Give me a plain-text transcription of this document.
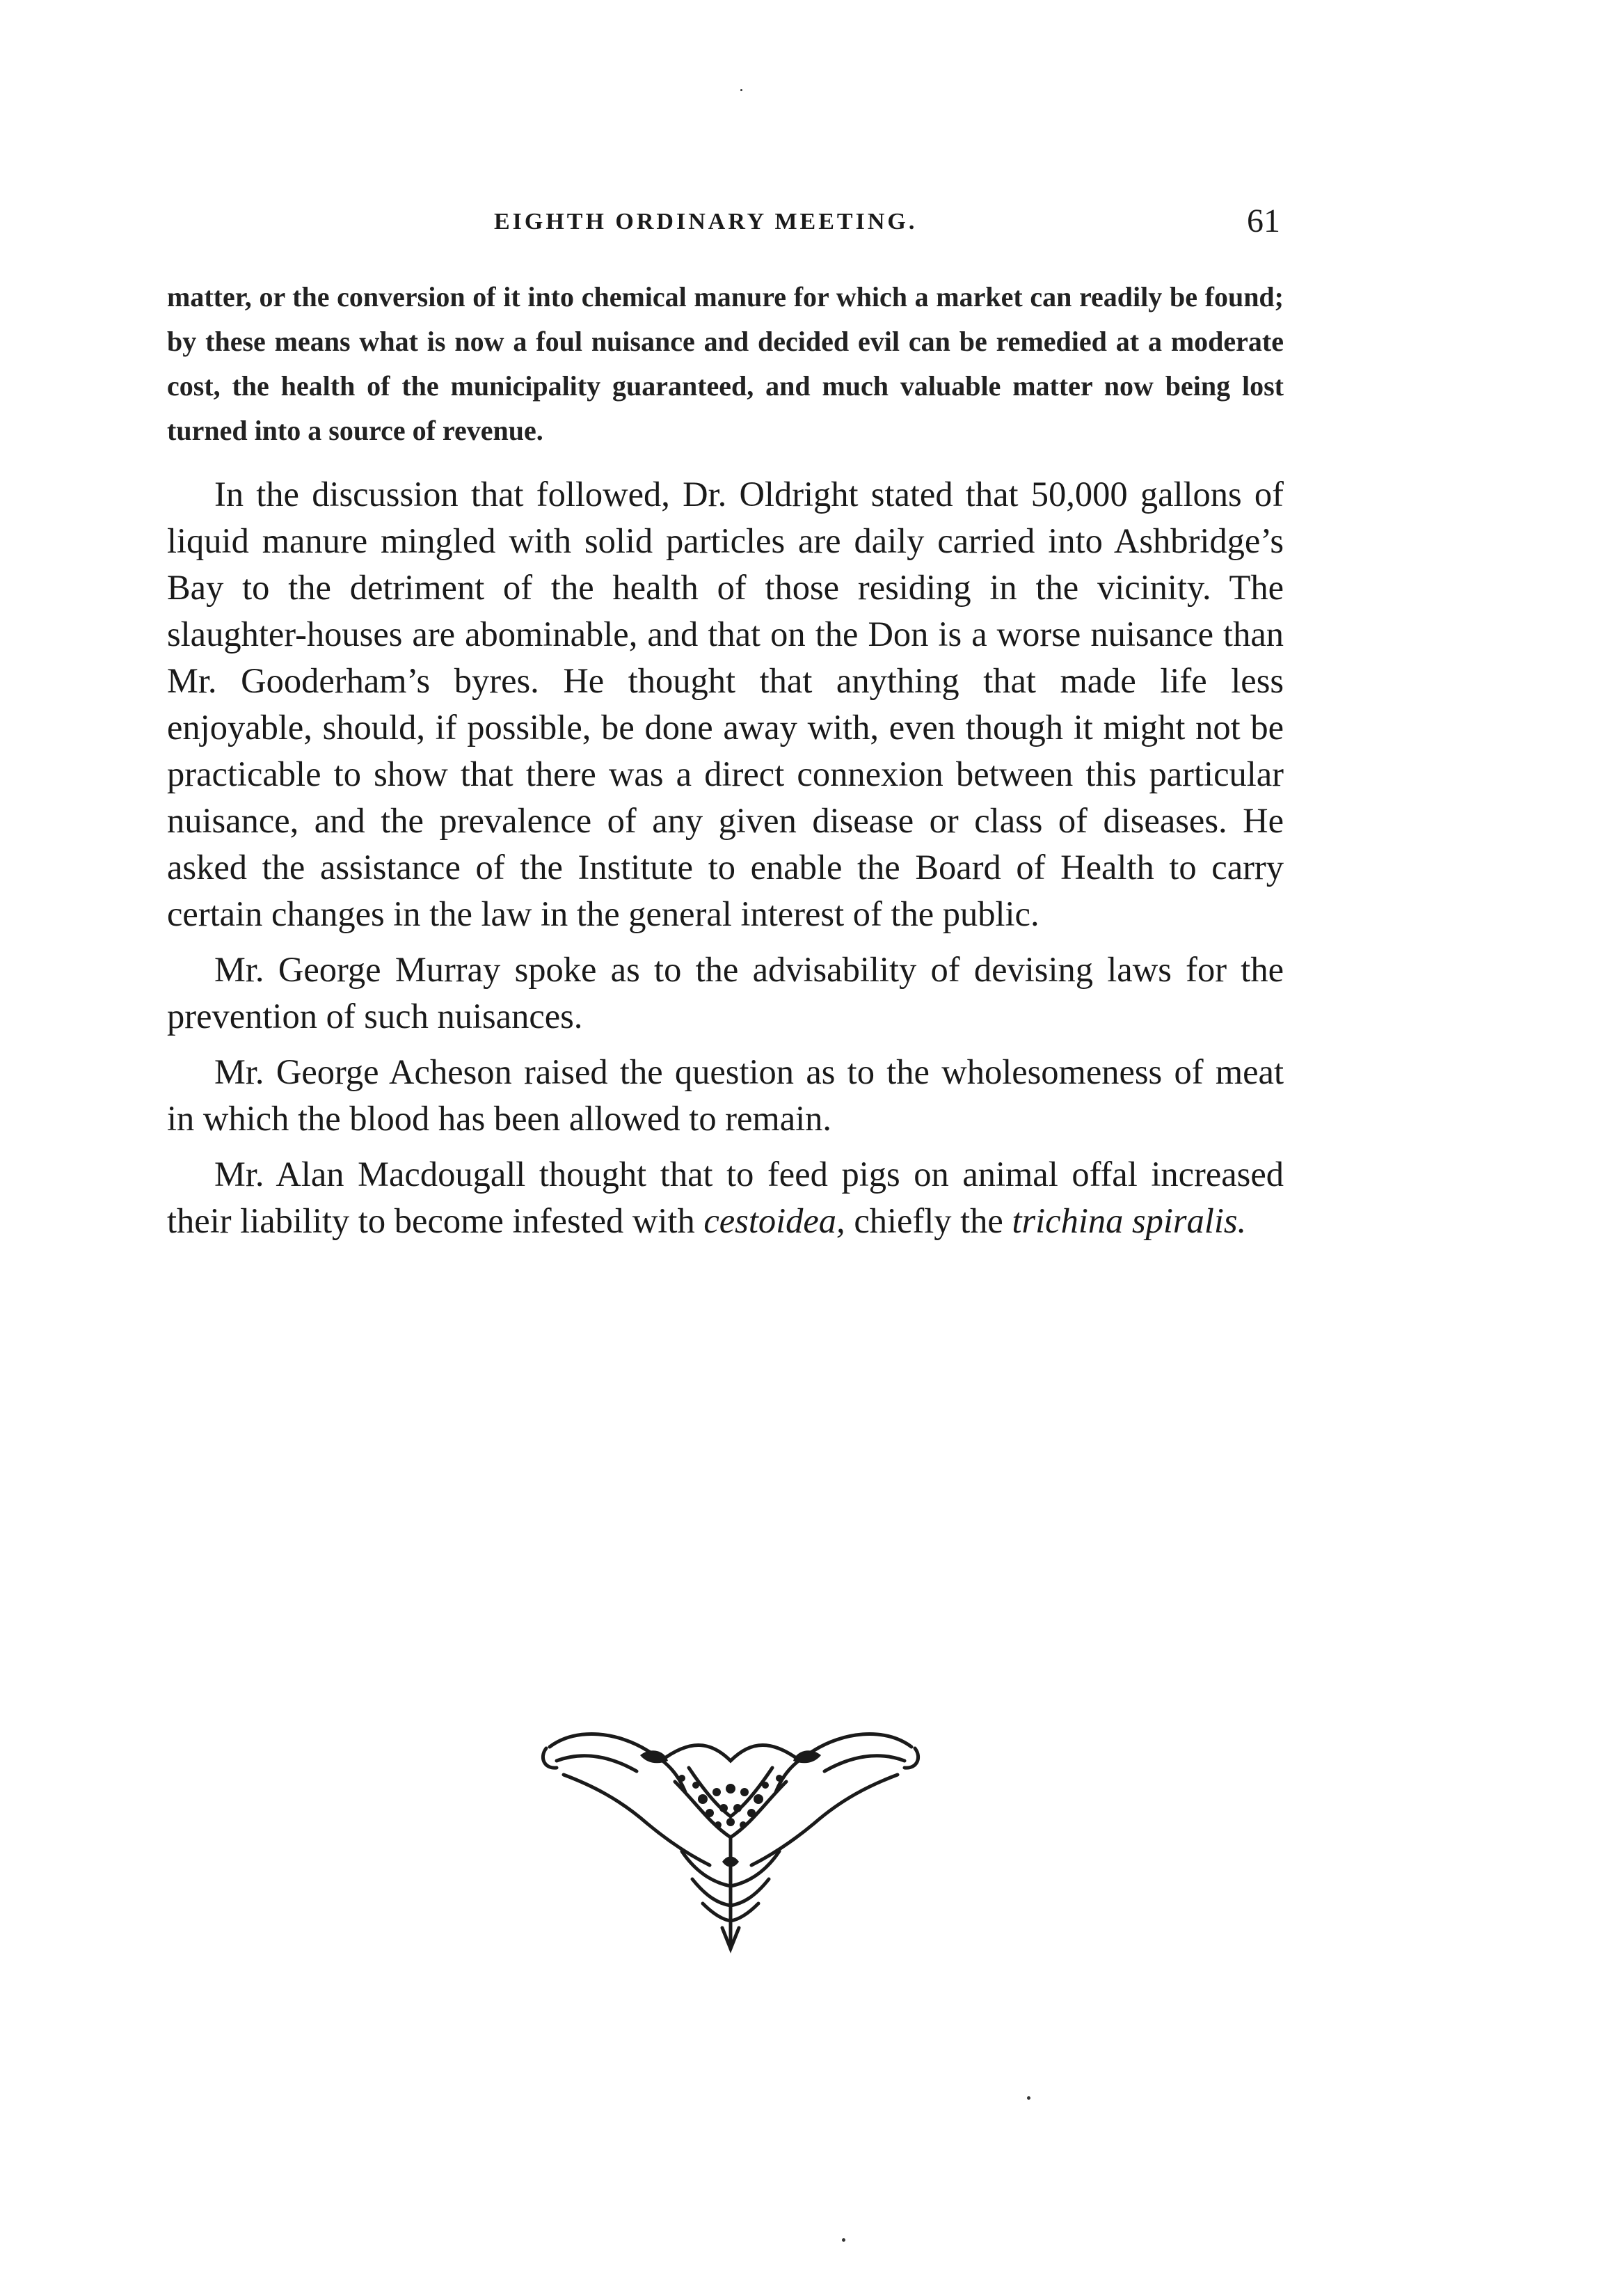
EIGHTH ORDINARY MEETING.	61

matter, or the conversion of it into chemical manure for which a market can readily be found; by these means what is now a foul nuisance and decided evil can be remedied at a moderate cost, the health of the municipality guaranteed, and much valuable matter now being lost turned into a source of revenue.

In the discussion that followed, Dr. Oldright stated that 50,000 gallons of liquid manure mingled with solid particles are daily carried into Ashbridge’s Bay to the detriment of the health of those residing in the vicinity. The slaughter-houses are abominable, and that on the Don is a worse nuisance than Mr. Gooderham’s byres. He thought that anything that made life less enjoyable, should, if possible, be done away with, even though it might not be practicable to show that there was a direct connexion between this particular nuisance, and the prevalence of any given disease or class of diseases. He asked the assistance of the Institute to enable the Board of Health to carry certain changes in the law in the general interest of the public.

Mr. George Murray spoke as to the advisability of devising laws for the prevention of such nuisances.

Mr. George Acheson raised the question as to the wholesomeness of meat in which the blood has been allowed to remain.

Mr. Alan Macdougall thought that to feed pigs on animal offal increased their liability to become infested with cestoidea, chiefly the trichina spiralis.
